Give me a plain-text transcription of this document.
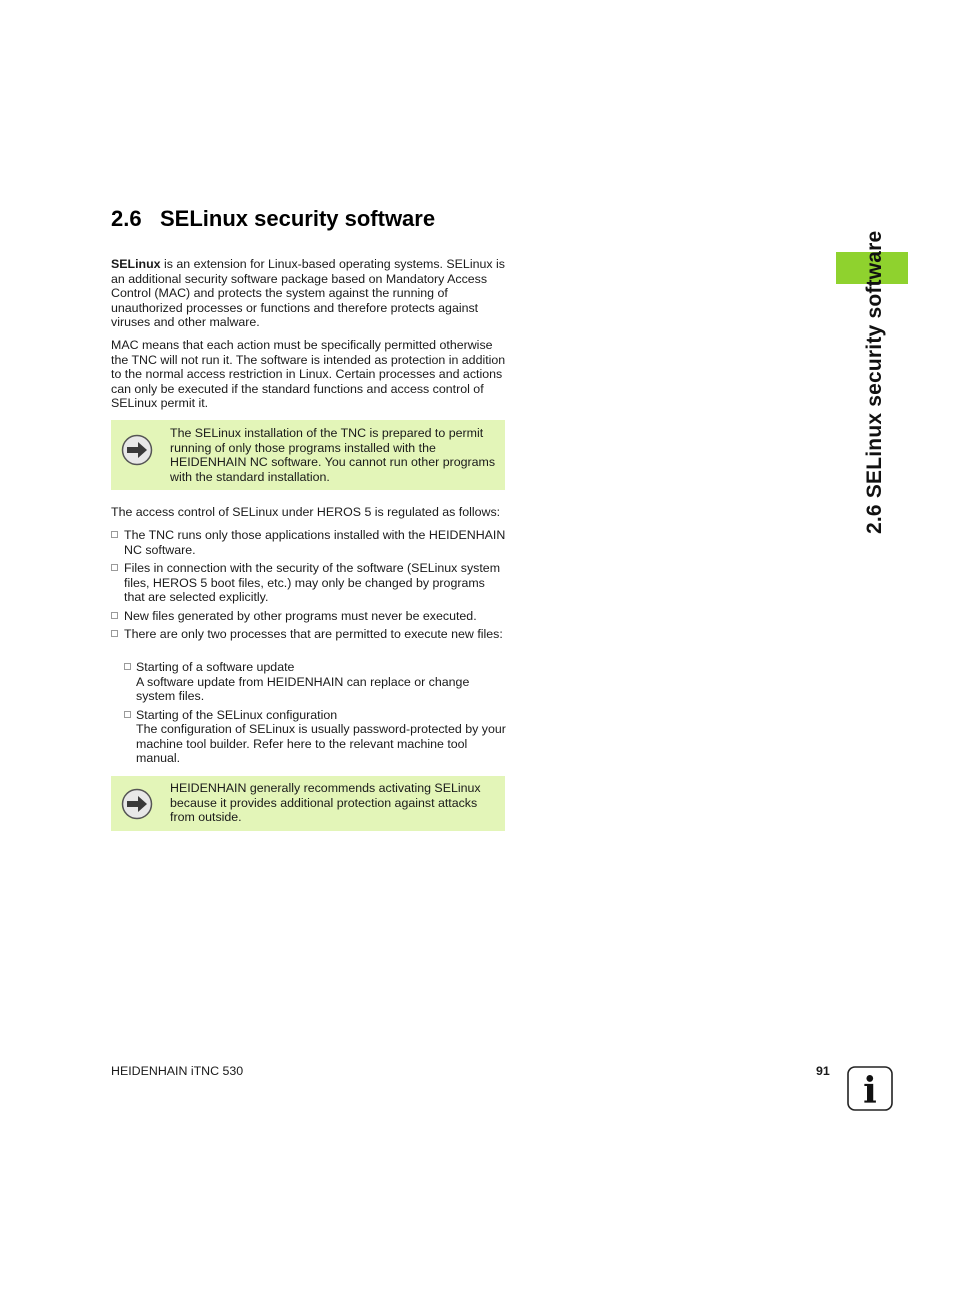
2.6 SELinux security software

SELinux is an extension for Linux-based operating systems. SELinux is an additional security software package based on Mandatory Access Control (MAC) and protects the system against the running of unauthorized processes or functions and therefore protects against viruses and other malware.

MAC means that each action must be specifically permitted otherwise the TNC will not run it. The software is intended as protection in addition to the normal access restriction in Linux. Certain processes and actions can only be executed if the standard functions and access control of SELinux permit it.

The SELinux installation of the TNC is prepared to permit running of only those programs installed with the HEIDENHAIN NC software. You cannot run other programs with the standard installation.

The access control of SELinux under HEROS 5 is regulated as follows:

The TNC runs only those applications installed with the HEIDENHAIN NC software.
Files in connection with the security of the software (SELinux system files, HEROS 5 boot files, etc.) may only be changed by programs that are selected explicitly.
New files generated by other programs must never be executed.
There are only two processes that are permitted to execute new files:
Starting of a software update
A software update from HEIDENHAIN can replace or change system files.
Starting of the SELinux configuration
The configuration of SELinux is usually password-protected by your machine tool builder. Refer here to the relevant machine tool manual.

HEIDENHAIN generally recommends activating SELinux because it provides additional protection against attacks from outside.

2.6 SELinux security software
HEIDENHAIN iTNC 530	91 i
